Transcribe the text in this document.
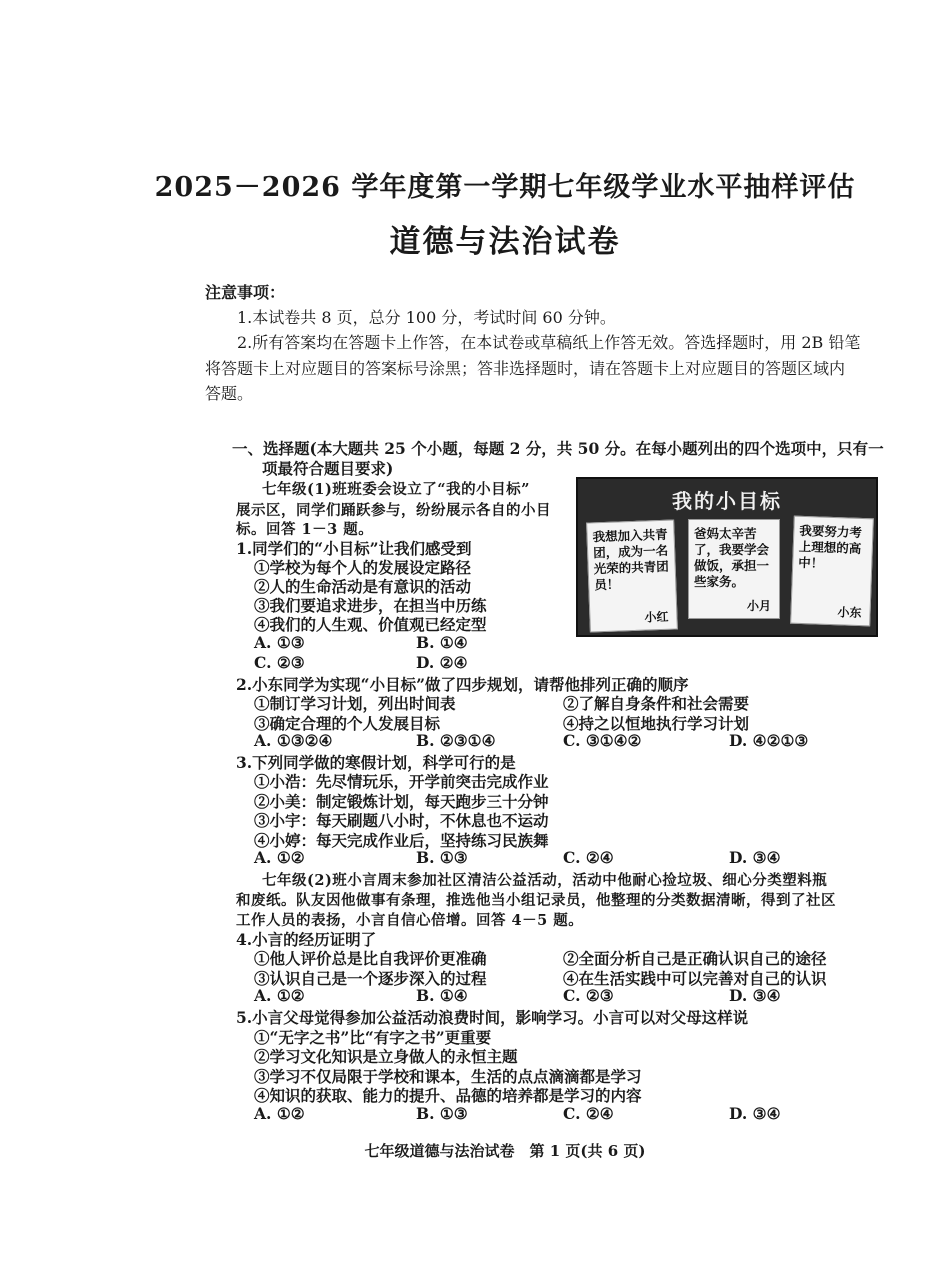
2025－2026 学年度第一学期七年级学业水平抽样评估
道德与法治试卷
注意事项：
1.本试卷共 8 页，总分 100 分，考试时间 60 分钟。
2.所有答案均在答题卡上作答，在本试卷或草稿纸上作答无效。答选择题时，用 2B 铅笔
将答题卡上对应题目的答案标号涂黑；答非选择题时，请在答题卡上对应题目的答题区域内
答题。
一、选择题(本大题共 25 个小题，每题 2 分，共 50 分。在每小题列出的四个选项中，只有一
项最符合题目要求)
七年级(1)班班委会设立了“我的小目标”
展示区，同学们踊跃参与，纷纷展示各自的小目
标。回答 1－3 题。
我的小目标
我想加入共青团，成为一名光荣的共青团员！
小红
爸妈太辛苦了，我要学会做饭，承担一些家务。
小月
我要努力考上理想的高中！
小东
1.同学们的“小目标”让我们感受到
①学校为每个人的发展设定路径
②人的生命活动是有意识的活动
③我们要追求进步，在担当中历练
④我们的人生观、价值观已经定型
A. ①③	B. ①④
C. ②③	D. ②④
2.小东同学为实现“小目标”做了四步规划，请帮他排列正确的顺序
①制订学习计划，列出时间表	②了解自身条件和社会需要
③确定合理的个人发展目标	④持之以恒地执行学习计划
A. ①③②④	B. ②③①④	C. ③①④②	D. ④②①③
3.下列同学做的寒假计划，科学可行的是
①小浩：先尽情玩乐，开学前突击完成作业
②小美：制定锻炼计划，每天跑步三十分钟
③小宇：每天刷题八小时，不休息也不运动
④小婷：每天完成作业后，坚持练习民族舞
A. ①②	B. ①③	C. ②④	D. ③④
七年级(2)班小言周末参加社区清洁公益活动，活动中他耐心捡垃圾、细心分类塑料瓶
和废纸。队友因他做事有条理，推选他当小组记录员，他整理的分类数据清晰，得到了社区
工作人员的表扬，小言自信心倍增。回答 4－5 题。
4.小言的经历证明了
①他人评价总是比自我评价更准确	②全面分析自己是正确认识自己的途径
③认识自己是一个逐步深入的过程	④在生活实践中可以完善对自己的认识
A. ①②	B. ①④	C. ②③	D. ③④
5.小言父母觉得参加公益活动浪费时间，影响学习。小言可以对父母这样说
①“无字之书”比“有字之书”更重要
②学习文化知识是立身做人的永恒主题
③学习不仅局限于学校和课本，生活的点点滴滴都是学习
④知识的获取、能力的提升、品德的培养都是学习的内容
A. ①②	B. ①③	C. ②④	D. ③④
七年级道德与法治试卷　第 1 页(共 6 页)
